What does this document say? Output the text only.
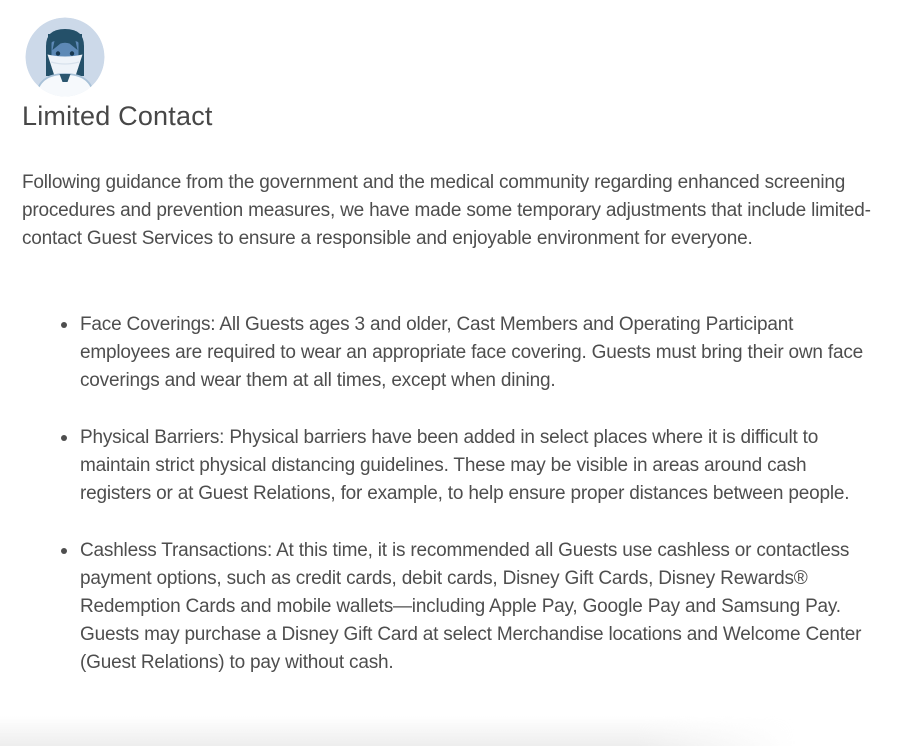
Limited Contact

Following guidance from the government and the medical community regarding enhanced screening procedures and prevention measures, we have made some temporary adjustments that include limited-contact Guest Services to ensure a responsible and enjoyable environment for everyone.

Face Coverings: All Guests ages 3 and older, Cast Members and Operating Participant employees are required to wear an appropriate face covering. Guests must bring their own face coverings and wear them at all times, except when dining.
Physical Barriers: Physical barriers have been added in select places where it is difficult to maintain strict physical distancing guidelines. These may be visible in areas around cash registers or at Guest Relations, for example, to help ensure proper distances between people.
Cashless Transactions: At this time, it is recommended all Guests use cashless or contactless payment options, such as credit cards, debit cards, Disney Gift Cards, Disney Rewards® Redemption Cards and mobile wallets—including Apple Pay, Google Pay and Samsung Pay. Guests may purchase a Disney Gift Card at select Merchandise locations and Welcome Center (Guest Relations) to pay without cash.
